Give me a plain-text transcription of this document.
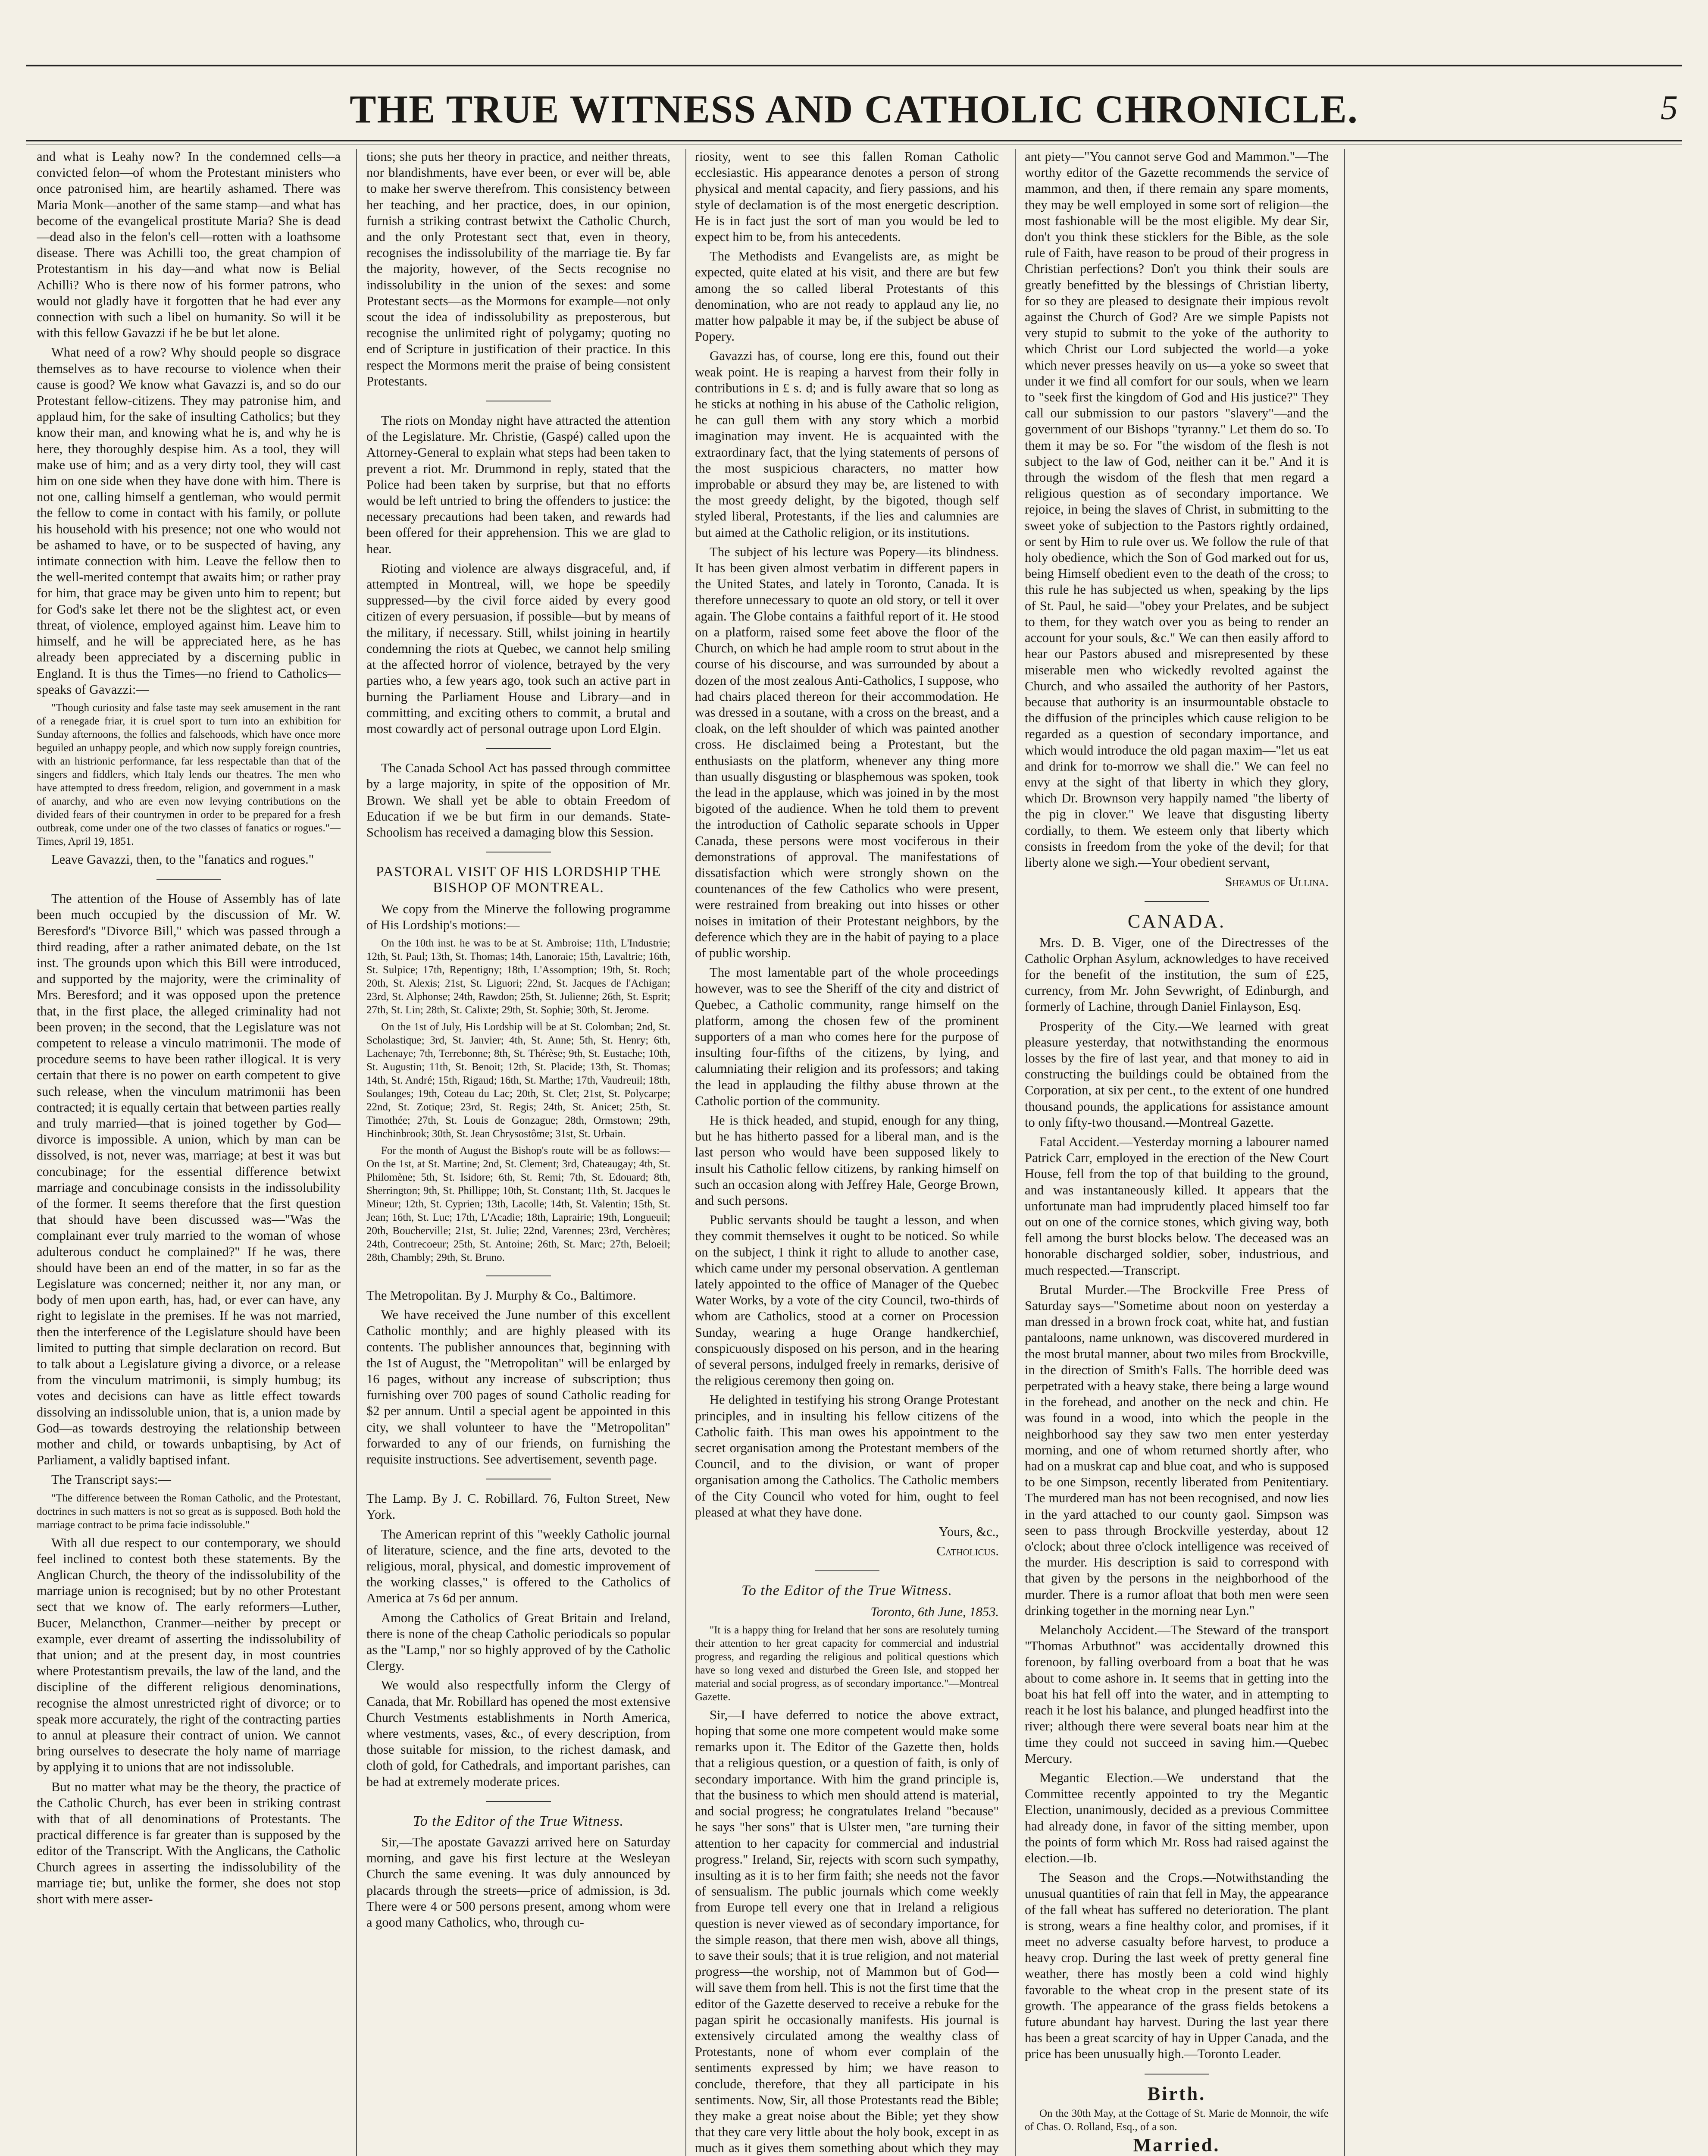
THE TRUE WITNESS AND CATHOLIC CHRONICLE.	5

and what is Leahy now? In the condemned cells—a convicted felon—of whom the Protestant ministers who once patronised him, are heartily ashamed. There was Maria Monk—another of the same stamp—and what has become of the evangelical prostitute Maria? She is dead—dead also in the felon's cell—rotten with a loathsome disease. There was Achilli too, the great champion of Protestantism in his day—and what now is Belial Achilli? Who is there now of his former patrons, who would not gladly have it forgotten that he had ever any connection with such a libel on humanity. So will it be with this fellow Gavazzi if he be but let alone.

What need of a row? Why should people so disgrace themselves as to have recourse to violence when their cause is good? We know what Gavazzi is, and so do our Protestant fellow-citizens. They may patronise him, and applaud him, for the sake of insulting Catholics; but they know their man, and knowing what he is, and why he is here, they thoroughly despise him. As a tool, they will make use of him; and as a very dirty tool, they will cast him on one side when they have done with him. There is not one, calling himself a gentleman, who would permit the fellow to come in contact with his family, or pollute his household with his presence; not one who would not be ashamed to have, or to be suspected of having, any intimate connection with him. Leave the fellow then to the well-merited contempt that awaits him; or rather pray for him, that grace may be given unto him to repent; but for God's sake let there not be the slightest act, or even threat, of violence, employed against him. Leave him to himself, and he will be appreciated here, as he has already been appreciated by a discerning public in England. It is thus the Times—no friend to Catholics—speaks of Gavazzi:—

"Though curiosity and false taste may seek amusement in the rant of a renegade friar, it is cruel sport to turn into an exhibition for Sunday afternoons, the follies and falsehoods, which have once more beguiled an unhappy people, and which now supply foreign countries, with an histrionic performance, far less respectable than that of the singers and fiddlers, which Italy lends our theatres. The men who have attempted to dress freedom, religion, and government in a mask of anarchy, and who are even now levying contributions on the divided fears of their countrymen in order to be prepared for a fresh outbreak, come under one of the two classes of fanatics or rogues."—Times, April 19, 1851.

Leave Gavazzi, then, to the "fanatics and rogues."

The attention of the House of Assembly has of late been much occupied by the discussion of Mr. W. Beresford's "Divorce Bill," which was passed through a third reading, after a rather animated debate, on the 1st inst. The grounds upon which this Bill were introduced, and supported by the majority, were the criminality of Mrs. Beresford; and it was opposed upon the pretence that, in the first place, the alleged criminality had not been proven; in the second, that the Legislature was not competent to release a vinculo matrimonii. The mode of procedure seems to have been rather illogical. It is very certain that there is no power on earth competent to give such release, when the vinculum matrimonii has been contracted; it is equally certain that between parties really and truly married—that is joined together by God—divorce is impossible. A union, which by man can be dissolved, is not, never was, marriage; at best it was but concubinage; for the essential difference betwixt marriage and concubinage consists in the indissolubility of the former. It seems therefore that the first question that should have been discussed was—"Was the complainant ever truly married to the woman of whose adulterous conduct he complained?" If he was, there should have been an end of the matter, in so far as the Legislature was concerned; neither it, nor any man, or body of men upon earth, has, had, or ever can have, any right to legislate in the premises. If he was not married, then the interference of the Legislature should have been limited to putting that simple declaration on record. But to talk about a Legislature giving a divorce, or a release from the vinculum matrimonii, is simply humbug; its votes and decisions can have as little effect towards dissolving an indissoluble union, that is, a union made by God—as towards destroying the relationship between mother and child, or towards unbaptising, by Act of Parliament, a validly baptised infant.

The Transcript says:—

"The difference between the Roman Catholic, and the Protestant, doctrines in such matters is not so great as is supposed. Both hold the marriage contract to be prima facie indissoluble."

With all due respect to our contemporary, we should feel inclined to contest both these statements. By the Anglican Church, the theory of the indissolubility of the marriage union is recognised; but by no other Protestant sect that we know of. The early reformers—Luther, Bucer, Melancthon, Cranmer—neither by precept or example, ever dreamt of asserting the indissolubility of that union; and at the present day, in most countries where Protestantism prevails, the law of the land, and the discipline of the different religious denominations, recognise the almost unrestricted right of divorce; or to speak more accurately, the right of the contracting parties to annul at pleasure their contract of union. We cannot bring ourselves to desecrate the holy name of marriage by applying it to unions that are not indissoluble.

But no matter what may be the theory, the practice of the Catholic Church, has ever been in striking contrast with that of all denominations of Protestants. The practical difference is far greater than is supposed by the editor of the Transcript. With the Anglicans, the Catholic Church agrees in asserting the indissolubility of the marriage tie; but, unlike the former, she does not stop short with mere asser-

tions; she puts her theory in practice, and neither threats, nor blandishments, have ever been, or ever will be, able to make her swerve therefrom. This consistency between her teaching, and her practice, does, in our opinion, furnish a striking contrast betwixt the Catholic Church, and the only Protestant sect that, even in theory, recognises the indissolubility of the marriage tie. By far the majority, however, of the Sects recognise no indissolubility in the union of the sexes: and some Protestant sects—as the Mormons for example—not only scout the idea of indissolubility as preposterous, but recognise the unlimited right of polygamy; quoting no end of Scripture in justification of their practice. In this respect the Mormons merit the praise of being consistent Protestants.

The riots on Monday night have attracted the attention of the Legislature. Mr. Christie, (Gaspé) called upon the Attorney-General to explain what steps had been taken to prevent a riot. Mr. Drummond in reply, stated that the Police had been taken by surprise, but that no efforts would be left untried to bring the offenders to justice: the necessary precautions had been taken, and rewards had been offered for their apprehension. This we are glad to hear.

Rioting and violence are always disgraceful, and, if attempted in Montreal, will, we hope be speedily suppressed—by the civil force aided by every good citizen of every persuasion, if possible—but by means of the military, if necessary. Still, whilst joining in heartily condemning the riots at Quebec, we cannot help smiling at the affected horror of violence, betrayed by the very parties who, a few years ago, took such an active part in burning the Parliament House and Library—and in committing, and exciting others to commit, a brutal and most cowardly act of personal outrage upon Lord Elgin.

The Canada School Act has passed through committee by a large majority, in spite of the opposition of Mr. Brown. We shall yet be able to obtain Freedom of Education if we be but firm in our demands. State-Schoolism has received a damaging blow this Session.

PASTORAL VISIT OF HIS LORDSHIP THE BISHOP OF MONTREAL.

We copy from the Minerve the following programme of His Lordship's motions:—

On the 10th inst. he was to be at St. Ambroise; 11th, L'Industrie; 12th, St. Paul; 13th, St. Thomas; 14th, Lanoraie; 15th, Lavaltrie; 16th, St. Sulpice; 17th, Repentigny; 18th, L'Assomption; 19th, St. Roch; 20th, St. Alexis; 21st, St. Liguori; 22nd, St. Jacques de l'Achigan; 23rd, St. Alphonse; 24th, Rawdon; 25th, St. Julienne; 26th, St. Esprit; 27th, St. Lin; 28th, St. Calixte; 29th, St. Sophie; 30th, St. Jerome.

On the 1st of July, His Lordship will be at St. Colomban; 2nd, St. Scholastique; 3rd, St. Janvier; 4th, St. Anne; 5th, St. Henry; 6th, Lachenaye; 7th, Terrebonne; 8th, St. Thérèse; 9th, St. Eustache; 10th, St. Augustin; 11th, St. Benoit; 12th, St. Placide; 13th, St. Thomas; 14th, St. André; 15th, Rigaud; 16th, St. Marthe; 17th, Vaudreuil; 18th, Soulanges; 19th, Coteau du Lac; 20th, St. Clet; 21st, St. Polycarpe; 22nd, St. Zotique; 23rd, St. Regis; 24th, St. Anicet; 25th, St. Timothée; 27th, St. Louis de Gonzague; 28th, Ormstown; 29th, Hinchinbrook; 30th, St. Jean Chrysostôme; 31st, St. Urbain.

For the month of August the Bishop's route will be as follows:—On the 1st, at St. Martine; 2nd, St. Clement; 3rd, Chateaugay; 4th, St. Philomène; 5th, St. Isidore; 6th, St. Remi; 7th, St. Edouard; 8th, Sherrington; 9th, St. Phillippe; 10th, St. Constant; 11th, St. Jacques le Mineur; 12th, St. Cyprien; 13th, Lacolle; 14th, St. Valentin; 15th, St. Jean; 16th, St. Luc; 17th, L'Acadie; 18th, Laprairie; 19th, Longueuil; 20th, Boucherville; 21st, St. Julie; 22nd, Varennes; 23rd, Verchères; 24th, Contrecoeur; 25th, St. Antoine; 26th, St. Marc; 27th, Beloeil; 28th, Chambly; 29th, St. Bruno.

The Metropolitan. By J. Murphy & Co., Baltimore.

We have received the June number of this excellent Catholic monthly; and are highly pleased with its contents. The publisher announces that, beginning with the 1st of August, the "Metropolitan" will be enlarged by 16 pages, without any increase of subscription; thus furnishing over 700 pages of sound Catholic reading for $2 per annum. Until a special agent be appointed in this city, we shall volunteer to have the "Metropolitan" forwarded to any of our friends, on furnishing the requisite instructions. See advertisement, seventh page.

The Lamp. By J. C. Robillard. 76, Fulton Street, New York.

The American reprint of this "weekly Catholic journal of literature, science, and the fine arts, devoted to the religious, moral, physical, and domestic improvement of the working classes," is offered to the Catholics of America at 7s 6d per annum.

Among the Catholics of Great Britain and Ireland, there is none of the cheap Catholic periodicals so popular as the "Lamp," nor so highly approved of by the Catholic Clergy.

We would also respectfully inform the Clergy of Canada, that Mr. Robillard has opened the most extensive Church Vestments establishments in North America, where vestments, vases, &c., of every description, from those suitable for mission, to the richest damask, and cloth of gold, for Cathedrals, and important parishes, can be had at extremely moderate prices.

To the Editor of the True Witness.

Sir,—The apostate Gavazzi arrived here on Saturday morning, and gave his first lecture at the Wesleyan Church the same evening. It was duly announced by placards through the streets—price of admission, is 3d. There were 4 or 500 persons present, among whom were a good many Catholics, who, through cu-

riosity, went to see this fallen Roman Catholic ecclesiastic. His appearance denotes a person of strong physical and mental capacity, and fiery passions, and his style of declamation is of the most energetic description. He is in fact just the sort of man you would be led to expect him to be, from his antecedents.

The Methodists and Evangelists are, as might be expected, quite elated at his visit, and there are but few among the so called liberal Protestants of this denomination, who are not ready to applaud any lie, no matter how palpable it may be, if the subject be abuse of Popery.

Gavazzi has, of course, long ere this, found out their weak point. He is reaping a harvest from their folly in contributions in £ s. d; and is fully aware that so long as he sticks at nothing in his abuse of the Catholic religion, he can gull them with any story which a morbid imagination may invent. He is acquainted with the extraordinary fact, that the lying statements of persons of the most suspicious characters, no matter how improbable or absurd they may be, are listened to with the most greedy delight, by the bigoted, though self styled liberal, Protestants, if the lies and calumnies are but aimed at the Catholic religion, or its institutions.

The subject of his lecture was Popery—its blindness. It has been given almost verbatim in different papers in the United States, and lately in Toronto, Canada. It is therefore unnecessary to quote an old story, or tell it over again. The Globe contains a faithful report of it. He stood on a platform, raised some feet above the floor of the Church, on which he had ample room to strut about in the course of his discourse, and was surrounded by about a dozen of the most zealous Anti-Catholics, I suppose, who had chairs placed thereon for their accommodation. He was dressed in a soutane, with a cross on the breast, and a cloak, on the left shoulder of which was painted another cross. He disclaimed being a Protestant, but the enthusiasts on the platform, whenever any thing more than usually disgusting or blasphemous was spoken, took the lead in the applause, which was joined in by the most bigoted of the audience. When he told them to prevent the introduction of Catholic separate schools in Upper Canada, these persons were most vociferous in their demonstrations of approval. The manifestations of dissatisfaction which were strongly shown on the countenances of the few Catholics who were present, were restrained from breaking out into hisses or other noises in imitation of their Protestant neighbors, by the deference which they are in the habit of paying to a place of public worship.

The most lamentable part of the whole proceedings however, was to see the Sheriff of the city and district of Quebec, a Catholic community, range himself on the platform, among the chosen few of the prominent supporters of a man who comes here for the purpose of insulting four-fifths of the citizens, by lying, and calumniating their religion and its professors; and taking the lead in applauding the filthy abuse thrown at the Catholic portion of the community.

He is thick headed, and stupid, enough for any thing, but he has hitherto passed for a liberal man, and is the last person who would have been supposed likely to insult his Catholic fellow citizens, by ranking himself on such an occasion along with Jeffrey Hale, George Brown, and such persons.

Public servants should be taught a lesson, and when they commit themselves it ought to be noticed. So while on the subject, I think it right to allude to another case, which came under my personal observation. A gentleman lately appointed to the office of Manager of the Quebec Water Works, by a vote of the city Council, two-thirds of whom are Catholics, stood at a corner on Procession Sunday, wearing a huge Orange handkerchief, conspicuously disposed on his person, and in the hearing of several persons, indulged freely in remarks, derisive of the religious ceremony then going on.

He delighted in testifying his strong Orange Protestant principles, and in insulting his fellow citizens of the Catholic faith. This man owes his appointment to the secret organisation among the Protestant members of the Council, and to the division, or want of proper organisation among the Catholics. The Catholic members of the City Council who voted for him, ought to feel pleased at what they have done.

Yours, &c.,

Catholicus.

To the Editor of the True Witness.

Toronto, 6th June, 1853.

"It is a happy thing for Ireland that her sons are resolutely turning their attention to her great capacity for commercial and industrial progress, and regarding the religious and political questions which have so long vexed and disturbed the Green Isle, and stopped her material and social progress, as of secondary importance."—Montreal Gazette.

Sir,—I have deferred to notice the above extract, hoping that some one more competent would make some remarks upon it. The Editor of the Gazette then, holds that a religious question, or a question of faith, is only of secondary importance. With him the grand principle is, that the business to which men should attend is material, and social progress; he congratulates Ireland "because" he says "her sons" that is Ulster men, "are turning their attention to her capacity for commercial and industrial progress." Ireland, Sir, rejects with scorn such sympathy, insulting as it is to her firm faith; she needs not the favor of sensualism. The public journals which come weekly from Europe tell every one that in Ireland a religious question is never viewed as of secondary importance, for the simple reason, that there men wish, above all things, to save their souls; that it is true religion, and not material progress—the worship, not of Mammon but of God—will save them from hell. This is not the first time that the editor of the Gazette deserved to receive a rebuke for the pagan spirit he occasionally manifests. His journal is extensively circulated among the wealthy class of Protestants, none of whom ever complain of the sentiments expressed by him; we have reason to conclude, therefore, that they all participate in his sentiments. Now, Sir, all those Protestants read the Bible; they make a great noise about the Bible; yet they show that they care very little about the holy book, except in as much as it gives them something about which they may

ant piety—"You cannot serve God and Mammon."—The worthy editor of the Gazette recommends the service of mammon, and then, if there remain any spare moments, they may be well employed in some sort of religion—the most fashionable will be the most eligible. My dear Sir, don't you think these sticklers for the Bible, as the sole rule of Faith, have reason to be proud of their progress in Christian perfections? Don't you think their souls are greatly benefitted by the blessings of Christian liberty, for so they are pleased to designate their impious revolt against the Church of God? Are we simple Papists not very stupid to submit to the yoke of the authority to which Christ our Lord subjected the world—a yoke which never presses heavily on us—a yoke so sweet that under it we find all comfort for our souls, when we learn to "seek first the kingdom of God and His justice?" They call our submission to our pastors "slavery"—and the government of our Bishops "tyranny." Let them do so. To them it may be so. For "the wisdom of the flesh is not subject to the law of God, neither can it be." And it is through the wisdom of the flesh that men regard a religious question as of secondary importance. We rejoice, in being the slaves of Christ, in submitting to the sweet yoke of subjection to the Pastors rightly ordained, or sent by Him to rule over us. We follow the rule of that holy obedience, which the Son of God marked out for us, being Himself obedient even to the death of the cross; to this rule he has subjected us when, speaking by the lips of St. Paul, he said—"obey your Prelates, and be subject to them, for they watch over you as being to render an account for your souls, &c." We can then easily afford to hear our Pastors abused and misrepresented by these miserable men who wickedly revolted against the Church, and who assailed the authority of her Pastors, because that authority is an insurmountable obstacle to the diffusion of the principles which cause religion to be regarded as a question of secondary importance, and which would introduce the old pagan maxim—"let us eat and drink for to-morrow we shall die." We can feel no envy at the sight of that liberty in which they glory, which Dr. Brownson very happily named "the liberty of the pig in clover." We leave that disgusting liberty cordially, to them. We esteem only that liberty which consists in freedom from the yoke of the devil; for that liberty alone we sigh.—Your obedient servant,

Sheamus of Ullina.

CANADA.

Mrs. D. B. Viger, one of the Directresses of the Catholic Orphan Asylum, acknowledges to have received for the benefit of the institution, the sum of £25, currency, from Mr. John Sevwright, of Edinburgh, and formerly of Lachine, through Daniel Finlayson, Esq.

Prosperity of the City.—We learned with great pleasure yesterday, that notwithstanding the enormous losses by the fire of last year, and that money to aid in constructing the buildings could be obtained from the Corporation, at six per cent., to the extent of one hundred thousand pounds, the applications for assistance amount to only fifty-two thousand.—Montreal Gazette.

Fatal Accident.—Yesterday morning a labourer named Patrick Carr, employed in the erection of the New Court House, fell from the top of that building to the ground, and was instantaneously killed. It appears that the unfortunate man had imprudently placed himself too far out on one of the cornice stones, which giving way, both fell among the burst blocks below. The deceased was an honorable discharged soldier, sober, industrious, and much respected.—Transcript.

Brutal Murder.—The Brockville Free Press of Saturday says—"Sometime about noon on yesterday a man dressed in a brown frock coat, white hat, and fustian pantaloons, name unknown, was discovered murdered in the most brutal manner, about two miles from Brockville, in the direction of Smith's Falls. The horrible deed was perpetrated with a heavy stake, there being a large wound in the forehead, and another on the neck and chin. He was found in a wood, into which the people in the neighborhood say they saw two men enter yesterday morning, and one of whom returned shortly after, who had on a muskrat cap and blue coat, and who is supposed to be one Simpson, recently liberated from Penitentiary. The murdered man has not been recognised, and now lies in the yard attached to our county gaol. Simpson was seen to pass through Brockville yesterday, about 12 o'clock; about three o'clock intelligence was received of the murder. His description is said to correspond with that given by the persons in the neighborhood of the murder. There is a rumor afloat that both men were seen drinking together in the morning near Lyn."

Melancholy Accident.—The Steward of the transport "Thomas Arbuthnot" was accidentally drowned this forenoon, by falling overboard from a boat that he was about to come ashore in. It seems that in getting into the boat his hat fell off into the water, and in attempting to reach it he lost his balance, and plunged headfirst into the river; although there were several boats near him at the time they could not succeed in saving him.—Quebec Mercury.

Megantic Election.—We understand that the Committee recently appointed to try the Megantic Election, unanimously, decided as a previous Committee had already done, in favor of the sitting member, upon the points of form which Mr. Ross had raised against the election.—Ib.

The Season and the Crops.—Notwithstanding the unusual quantities of rain that fell in May, the appearance of the fall wheat has suffered no deterioration. The plant is strong, wears a fine healthy color, and promises, if it meet no adverse casualty before harvest, to produce a heavy crop. During the last week of pretty general fine weather, there has mostly been a cold wind highly favorable to the wheat crop in the present state of its growth. The appearance of the grass fields betokens a future abundant hay harvest. During the last year there has been a great scarcity of hay in Upper Canada, and the price has been unusually high.—Toronto Leader.

Birth.

On the 30th May, at the Cottage of St. Marie de Monnoir, the wife of Chas. O. Rolland, Esq., of a son.

Married.
